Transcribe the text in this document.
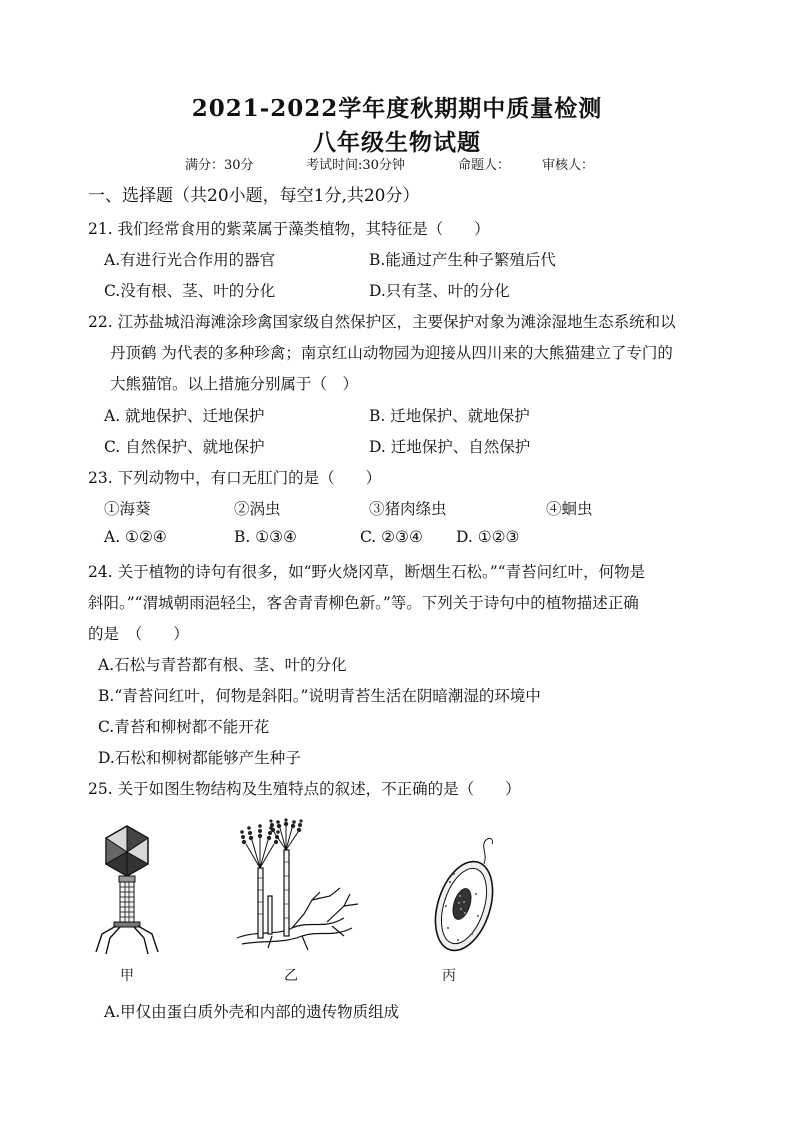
2021-2022学年度秋期期中质量检测
八年级生物试题
满分：30分	考试时间:30分钟	命题人： 审核人：
一、选择题（共20小题，每空1分,共20分）
21. 我们经常食用的紫菜属于藻类植物，其特征是（　　）
A.有进行光合作用的器官	B.能通过产生种子繁殖后代
C.没有根、茎、叶的分化	D.只有茎、叶的分化
22. 江苏盐城沿海滩涂珍禽国家级自然保护区，主要保护对象为滩涂湿地生态系统和以
丹顶鹤 为代表的多种珍禽；南京红山动物园为迎接从四川来的大熊猫建立了专门的
大熊猫馆。以上措施分别属于（　）
A. 就地保护、迁地保护	B. 迁地保护、就地保护
C. 自然保护、就地保护	D. 迁地保护、自然保护
23. 下列动物中，有口无肛门的是（　　）
①海葵	②涡虫	③猪肉绦虫	④蛔虫
A. ①②④	B. ①③④	C. ②③④ D. ①②③
24. 关于植物的诗句有很多，如“野火烧冈草，断烟生石松。”“青苔问红叶，何物是
斜阳。”“渭城朝雨浥轻尘，客舍青青柳色新。”等。下列关于诗句中的植物描述正确
的是　（　　）
A.石松与青苔都有根、茎、叶的分化
B.“青苔问红叶，何物是斜阳。”说明青苔生活在阴暗潮湿的环境中
C.青苔和柳树都不能开花
D.石松和柳树都能够产生种子
25. 关于如图生物结构及生殖特点的叙述，不正确的是（　　）
甲	乙	丙
A.甲仅由蛋白质外壳和内部的遗传物质组成
